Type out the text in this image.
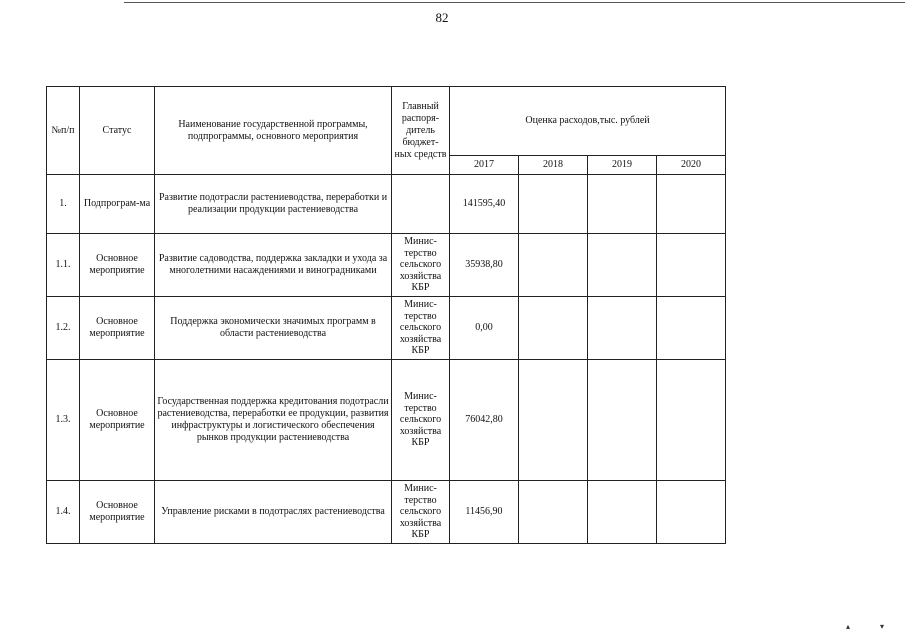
82
№п/п	Статус	Наименование государственной программы, подпрограммы, основного мероприятия	Главный распоря-дитель бюджет-ных средств	Оценка расходов,тыс. рублей			
				2017	2018	2019	2020
1.	Подпрограм-ма	Развитие подотрасли растениеводства, переработки и реализации продукции растениеводства		141595,40			
1.1.	Основное мероприятие	Развитие садоводства, поддержка закладки и ухода за многолетними насаждениями и виноградниками	Минис-терство сельского хозяйства КБР	35938,80			
1.2.	Основное мероприятие	Поддержка экономически значимых программ в области растениеводства	Минис-терство сельского хозяйства КБР	0,00			
1.3.	Основное мероприятие	Государственная поддержка кредитования подотрасли растениеводства, переработки ее продукции, развития инфраструктуры и логистического обеспечения рынков продукции растениеводства	Минис-терство сельского хозяйства КБР	76042,80			
1.4.	Основное мероприятие	Управление рисками в подотраслях растениеводства	Минис-терство сельского хозяйства КБР	11456,90			
▴▾
